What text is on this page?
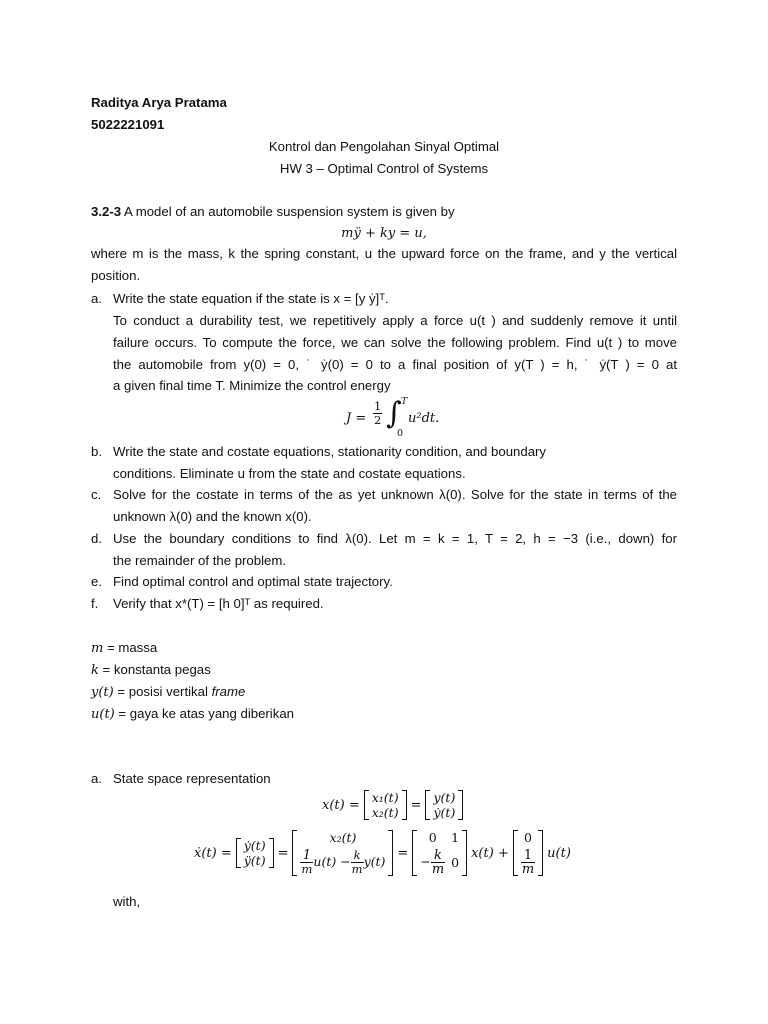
Raditya Arya Pratama
5022221091
Kontrol dan Pengolahan Sinyal Optimal
HW 3 – Optimal Control of Systems
3.2-3 A model of an automobile suspension system is given by
mÿ + ky = u,
where m is the mass, k the spring constant, u the upward force on the frame, and y the vertical
position.
a. Write the state equation if the state is x = [y ẏ]ᵀ.
To conduct a durability test, we repetitively apply a force u(t ) and suddenly remove it until
failure occurs. To compute the force, we can solve the following problem. Find u(t ) to move
the automobile from y(0) = 0, ˙ ẏ(0) = 0 to a final position of y(T ) = h, ˙ ẏ(T ) = 0 at
a given final time T. Minimize the control energy
$J = \frac{1}{2}$ ∫ T
0
u²dt.
b. Write the state and costate equations, stationarity condition, and boundary
conditions. Eliminate u from the state and costate equations.
c. Solve for the costate in terms of the as yet unknown λ(0). Solve for the state in terms of the
unknown λ(0) and the known x(0).
d. Use the boundary conditions to find λ(0). Let m = k = 1, T = 2, h = −3 (i.e., down) for
the remainder of the problem.
e. Find optimal control and optimal state trajectory.
f. Verify that x*(T) = [h 0]ᵀ as required.
m = massa
k = konstanta pegas
y(t) = posisi vertikal frame
u(t) = gaya ke atas yang diberikan
a. State space representation
x(t) = x₁(t)
x₂(t) = y(t)
ẏ(t)
ẋ(t) = ẏ(t)
ÿ(t) =
x₂(t)

$\frac{1}{m} u(t) - \frac{k}{m} y(t)$
=
0	1
− $\frac{k}{m}$	0
x(t) +
0

$\frac{1}{m} u(t)$
with,
